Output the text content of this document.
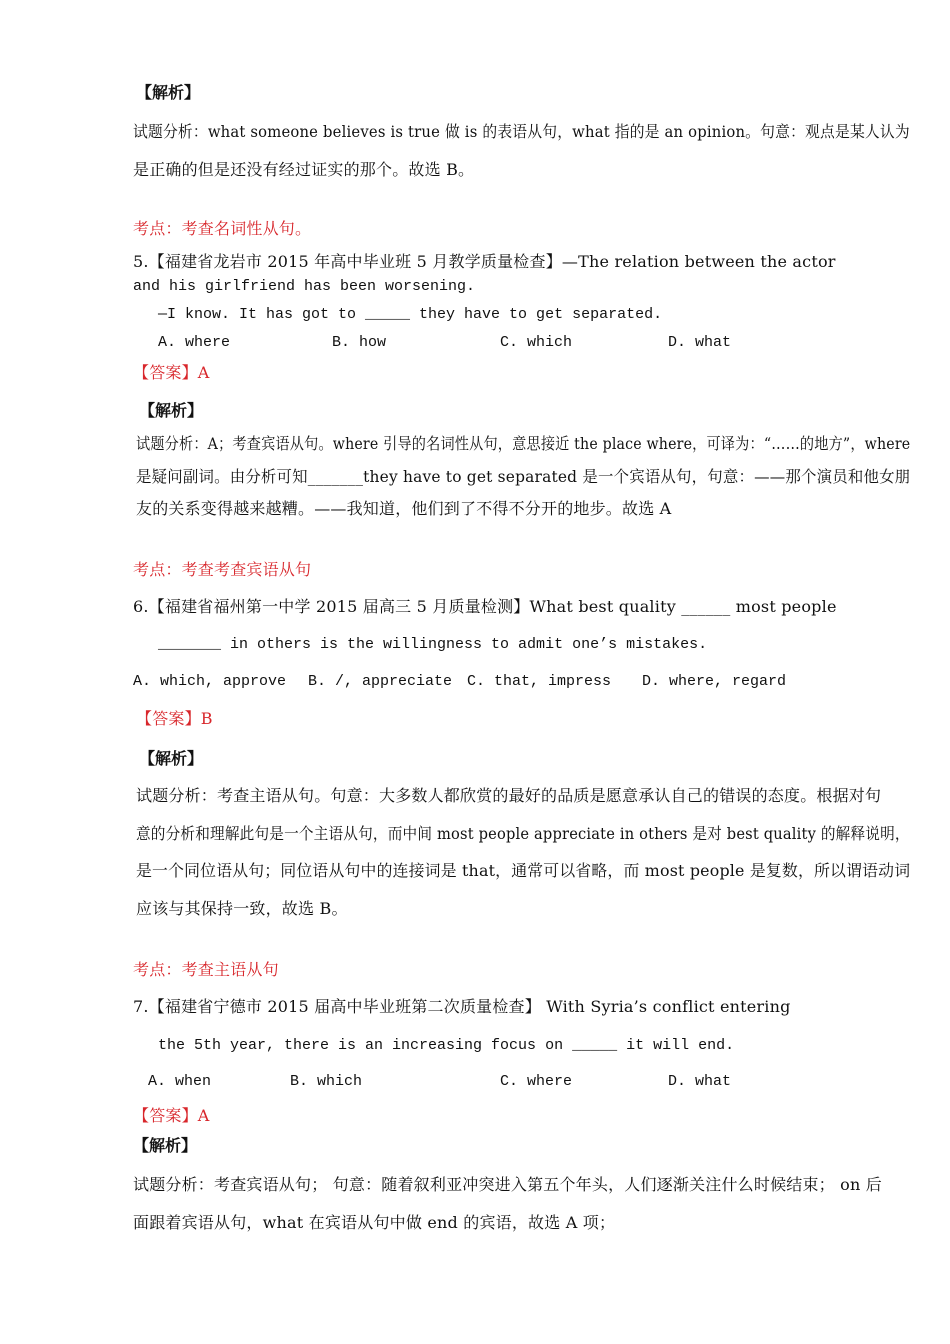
【解析】
试题分析：what someone believes is true 做 is 的表语从句，what 指的是 an opinion。句意：观点是某人认为
是正确的但是还没有经过证实的那个。故选 B。
考点：考查名词性从句。
5.【福建省龙岩市 2015 年高中毕业班 5 月教学质量检查】—The relation between the actor
and his girlfriend has been worsening.
—I know. It has got to _____ they have to get separated.
A. where	B. how	C. which	D. what
【答案】A
【解析】
试题分析：A；考查宾语从句。where 引导的名词性从句，意思接近 the place where，可译为：“……的地方”，where
是疑问副词。由分析可知_______they have to get separated 是一个宾语从句，句意：——那个演员和他女朋
友的关系变得越来越糟。——我知道，他们到了不得不分开的地步。故选 A
考点：考查考查宾语从句
6.【福建省福州第一中学 2015 届高三 5 月质量检测】What best quality ______ most people
_______ in others is the willingness to admit one’s mistakes.
A. which, approve B. /, appreciate C. that, impress D. where, regard
【答案】B
【解析】
试题分析：考查主语从句。句意：大多数人都欣赏的最好的品质是愿意承认自己的错误的态度。根据对句
意的分析和理解此句是一个主语从句，而中间 most people appreciate in others 是对 best quality 的解释说明，
是一个同位语从句；同位语从句中的连接词是 that，通常可以省略，而 most people 是复数，所以谓语动词
应该与其保持一致，故选 B。
考点：考查主语从句
7.【福建省宁德市 2015 届高中毕业班第二次质量检查】 With Syria’s conflict entering
the 5th year, there is an increasing focus on _____ it will end.
A. when	B. which	C. where	D. what
【答案】A
【解析】
试题分析：考查宾语从句； 句意：随着叙利亚冲突进入第五个年头，人们逐渐关注什么时候结束； on 后
面跟着宾语从句，what 在宾语从句中做 end 的宾语，故选 A 项；
